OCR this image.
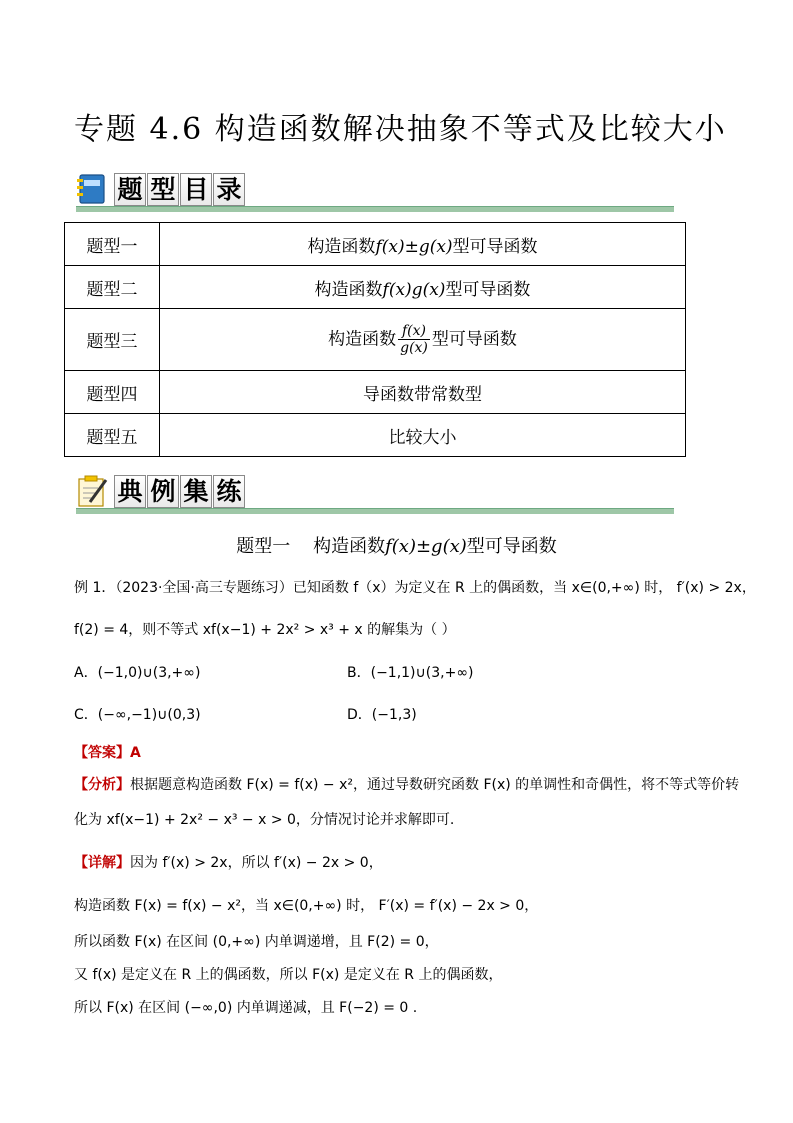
专题 4.6 构造函数解决抽象不等式及比较大小
题 型 目 录
题型一	构造函数f(x)±g(x)型可导函数
题型二	构造函数f(x)g(x)型可导函数
题型三	构造函数 $\frac{f(x)}{g(x)}$ 型可导函数
题型四	导函数带常数型
题型五	比较大小
典 例 集 练
题型一 构造函数f(x)±g(x)型可导函数
例 1．（2023·全国·高三专题练习）已知函数 f（x）为定义在 R 上的偶函数，当 x∈(0,+∞) 时， f′(x) > 2x，
f(2) = 4，则不等式 xf(x−1) + 2x² > x³ + x 的解集为（ ）
A．(−1,0)∪(3,+∞)	B．(−1,1)∪(3,+∞)
C．(−∞,−1)∪(0,3)	D．(−1,3)
【答案】A
【分析】根据题意构造函数 F(x) = f(x) − x²，通过导数研究函数 F(x) 的单调性和奇偶性，将不等式等价转
化为 xf(x−1) + 2x² − x³ − x > 0，分情况讨论并求解即可.
【详解】因为 f′(x) > 2x，所以 f′(x) − 2x > 0，
构造函数 F(x) = f(x) − x²，当 x∈(0,+∞) 时， F′(x) = f′(x) − 2x > 0，
所以函数 F(x) 在区间 (0,+∞) 内单调递增，且 F(2) = 0，
又 f(x) 是定义在 R 上的偶函数，所以 F(x) 是定义在 R 上的偶函数，
所以 F(x) 在区间 (−∞,0) 内单调递减，且 F(−2) = 0 .
